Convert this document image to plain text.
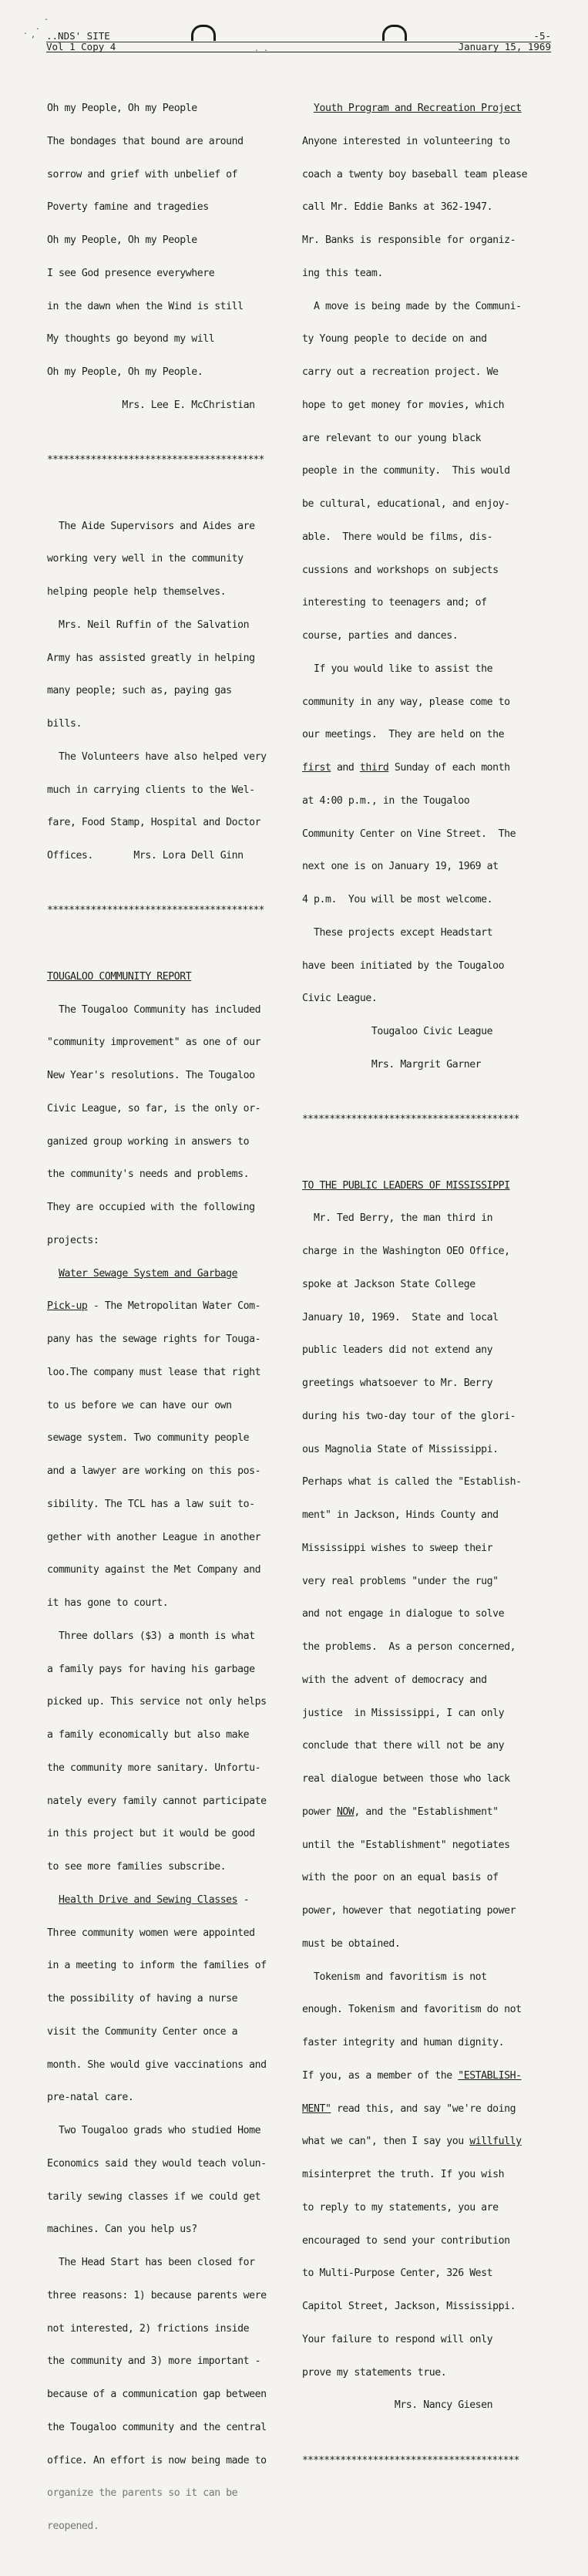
.
. ,
-
. .
..NDS' SITE
Vol 1 Copy 4
-5-
January 15, 1969

Oh my People, Oh my People

The bondages that bound are around

sorrow and grief with unbelief of

Poverty famine and tragedies

Oh my People, Oh my People

I see God presence everywhere

in the dawn when the Wind is still

My thoughts go beyond my will

Oh my People, Oh my People.

Mrs. Lee E. McChristian

****************************************

The Aide Supervisors and Aides are

working very well in the community

helping people help themselves.

Mrs. Neil Ruffin of the Salvation

Army has assisted greatly in helping

many people; such as, paying gas

bills.

The Volunteers have also helped very

much in carrying clients to the Wel-

fare, Food Stamp, Hospital and Doctor

Offices.       Mrs. Lora Dell Ginn

****************************************

TOUGALOO COMMUNITY REPORT

The Tougaloo Community has included

"community improvement" as one of our

New Year's resolutions. The Tougaloo

Civic League, so far, is the only or-

ganized group working in answers to

the community's needs and problems.

They are occupied with the following

projects:

Water Sewage System and Garbage

Pick-up - The Metropolitan Water Com-

pany has the sewage rights for Touga-

loo.The company must lease that right

to us before we can have our own

sewage system. Two community people

and a lawyer are working on this pos-

sibility. The TCL has a law suit to-

gether with another League in another

community against the Met Company and

it has gone to court.

Three dollars ($3) a month is what

a family pays for having his garbage

picked up. This service not only helps

a family economically but also make

the community more sanitary. Unfortu-

nately every family cannot participate

in this project but it would be good

to see more families subscribe.

Health Drive and Sewing Classes -

Three community women were appointed

in a meeting to inform the families of

the possibility of having a nurse

visit the Community Center once a

month. She would give vaccinations and

pre-natal care.

Two Tougaloo grads who studied Home

Economics said they would teach volun-

tarily sewing classes if we could get

machines. Can you help us?

The Head Start has been closed for

three reasons: 1) because parents were

not interested, 2) frictions inside

the community and 3) more important -

because of a communication gap between

the Tougaloo community and the central

office. An effort is now being made to

organize the parents so it can be

reopened.

Youth Program and Recreation Project

Anyone interested in volunteering to

coach a twenty boy baseball team please

call Mr. Eddie Banks at 362-1947.

Mr. Banks is responsible for organiz-

ing this team.

A move is being made by the Communi-

ty Young people to decide on and

carry out a recreation project. We

hope to get money for movies, which

are relevant to our young black

people in the community.  This would

be cultural, educational, and enjoy-

able.  There would be films, dis-

cussions and workshops on subjects

interesting to teenagers and; of

course, parties and dances.

If you would like to assist the

community in any way, please come to

our meetings.  They are held on the

first and third Sunday of each month

at 4:00 p.m., in the Tougaloo

Community Center on Vine Street.  The

next one is on January 19, 1969 at

4 p.m.  You will be most welcome.

These projects except Headstart

have been initiated by the Tougaloo

Civic League.

Tougaloo Civic League

Mrs. Margrit Garner

****************************************

TO THE PUBLIC LEADERS OF MISSISSIPPI

Mr. Ted Berry, the man third in

charge in the Washington OEO Office,

spoke at Jackson State College

January 10, 1969.  State and local

public leaders did not extend any

greetings whatsoever to Mr. Berry

during his two-day tour of the glori-

ous Magnolia State of Mississippi.

Perhaps what is called the "Establish-

ment" in Jackson, Hinds County and

Mississippi wishes to sweep their

very real problems "under the rug"

and not engage in dialogue to solve

the problems.  As a person concerned,

with the advent of democracy and

justice  in Mississippi, I can only

conclude that there will not be any

real dialogue between those who lack

power NOW, and the "Establishment"

until the "Establishment" negotiates

with the poor on an equal basis of

power, however that negotiating power

must be obtained.

Tokenism and favoritism is not

enough. Tokenism and favoritism do not

faster integrity and human dignity.

If you, as a member of the "ESTABLISH-

MENT" read this, and say "we're doing

what we can", then I say you willfully

misinterpret the truth. If you wish

to reply to my statements, you are

encouraged to send your contribution

to Multi-Purpose Center, 326 West

Capitol Street, Jackson, Mississippi.

Your failure to respond will only

prove my statements true.

Mrs. Nancy Giesen

****************************************
